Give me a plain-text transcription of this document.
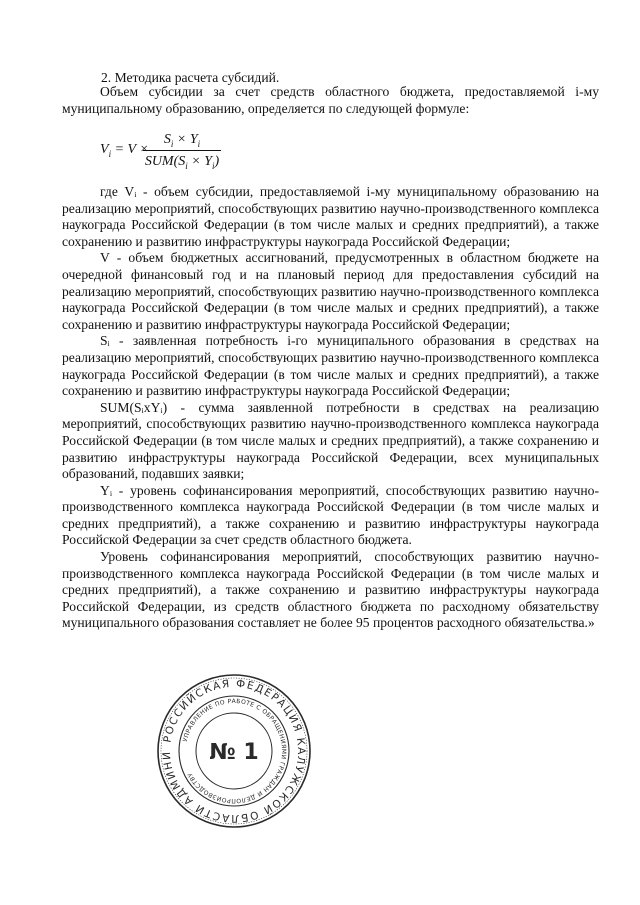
2. Методика расчета субсидий.

Объем субсидии за счет средств областного бюджета, предоставляемой i-му муниципальному образованию, определяется по следующей формуле:

$V_i = V$ ×
$S_i \times Y_i$
$SUM(S_i \times Y_i)$

где Vᵢ - объем субсидии, предоставляемой i-му муниципальному образованию на реализацию мероприятий, способствующих развитию научно-производственного комплекса наукограда Российской Федерации (в том числе малых и средних предприятий), а также сохранению и развитию инфраструктуры наукограда Российской Федерации;

V - объем бюджетных ассигнований, предусмотренных в областном бюджете на очередной финансовый год и на плановый период для предоставления субсидий на реализацию мероприятий, способствующих развитию научно-производственного комплекса наукограда Российской Федерации (в том числе малых и средних предприятий), а также сохранению и развитию инфраструктуры наукограда Российской Федерации;

Sᵢ - заявленная потребность i-го муниципального образования в средствах на реализацию мероприятий, способствующих развитию научно-производственного комплекса наукограда Российской Федерации (в том числе малых и средних предприятий), а также сохранению и развитию инфраструктуры наукограда Российской Федерации;

SUM(SᵢxYᵢ) - сумма заявленной потребности в средствах на реализацию мероприятий, способствующих развитию научно-производственного комплекса наукограда Российской Федерации (в том числе малых и средних предприятий), а также сохранению и развитию инфраструктуры наукограда Российской Федерации, всех муниципальных образований, подавших заявки;

Yᵢ - уровень софинансирования мероприятий, способствующих развитию научно-производственного комплекса наукограда Российской Федерации (в том числе малых и средних предприятий), а также сохранению и развитию инфраструктуры наукограда Российской Федерации за счет средств областного бюджета.

Уровень софинансирования мероприятий, способствующих развитию научно-производственного комплекса наукограда Российской Федерации (в том числе малых и средних предприятий), а также сохранению и развитию инфраструктуры наукограда Российской Федерации, из средств областного бюджета по расходному обязательству муниципального образования составляет не более 95 процентов расходного обязательства.»

РОССИЙСКАЯ ФЕДЕРАЦИЯ КАЛУЖСКОЙ ОБЛАСТИ АДМИНИ
УПРАВЛЕНИЕ ПО РАБОТЕ С ОБРАЩЕНИЯМИ ГРАЖДАН И ДЕЛОПРОИЗВОДСТВУ
№ 1
